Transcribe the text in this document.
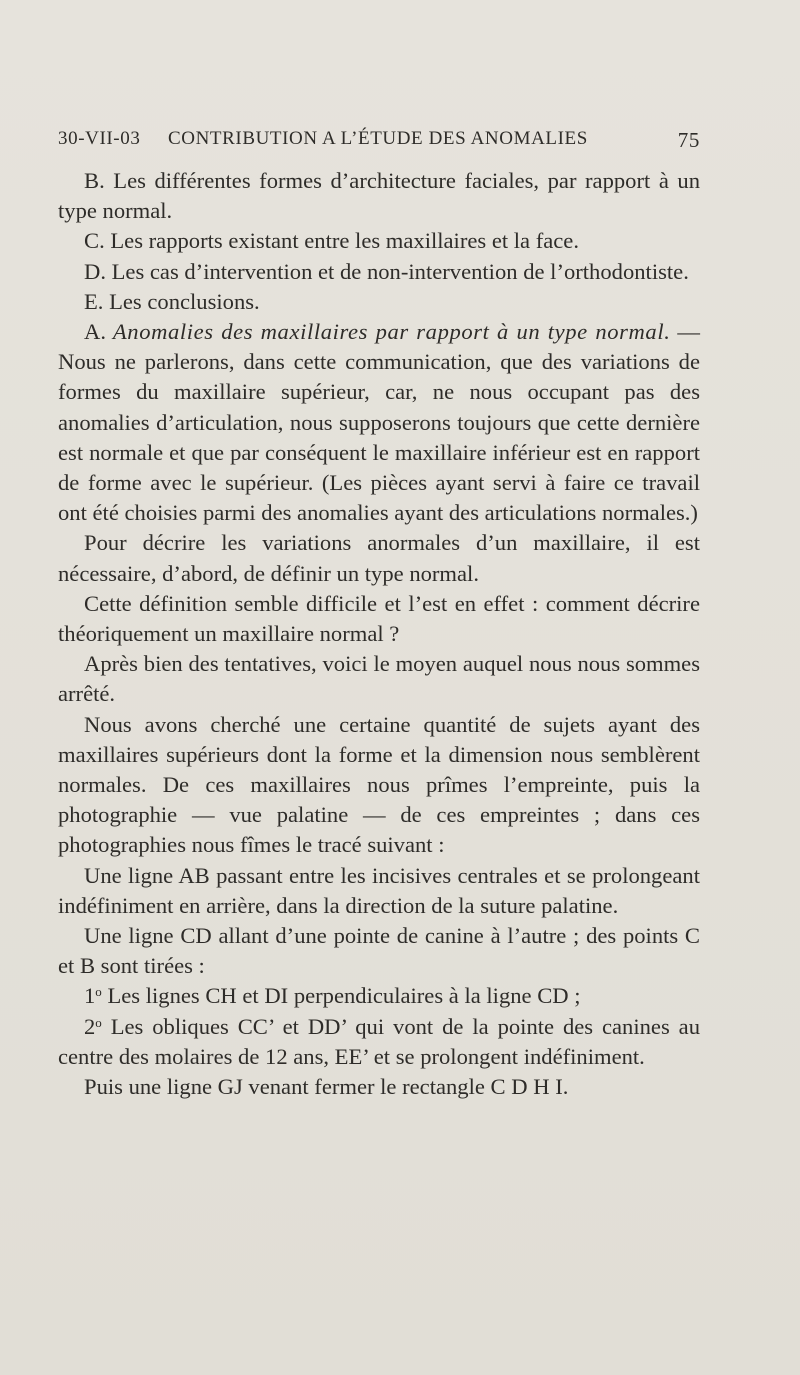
30-VII-03 CONTRIBUTION A L’ÉTUDE DES ANOMALIES	75

B. Les différentes formes d’architecture faciales, par rapport à un type normal.

C. Les rapports existant entre les maxillaires et la face.

D. Les cas d’intervention et de non-intervention de l’orthodontiste.

E. Les conclusions.

A. Anomalies des maxillaires par rapport à un type normal. — Nous ne parlerons, dans cette communication, que des variations de formes du maxillaire supérieur, car, ne nous occupant pas des anomalies d’articulation, nous supposerons toujours que cette dernière est normale et que par conséquent le maxillaire inférieur est en rapport de forme avec le supérieur. (Les pièces ayant servi à faire ce travail ont été choisies parmi des anomalies ayant des articulations normales.)

Pour décrire les variations anormales d’un maxillaire, il est nécessaire, d’abord, de définir un type normal.

Cette définition semble difficile et l’est en effet : comment décrire théoriquement un maxillaire normal ?

Après bien des tentatives, voici le moyen auquel nous nous sommes arrêté.

Nous avons cherché une certaine quantité de sujets ayant des maxillaires supérieurs dont la forme et la dimension nous semblèrent normales. De ces maxillaires nous prîmes l’empreinte, puis la photographie — vue palatine — de ces empreintes ; dans ces photographies nous fîmes le tracé suivant :

Une ligne AB passant entre les incisives centrales et se prolongeant indéfiniment en arrière, dans la direction de la suture palatine.

Une ligne CD allant d’une pointe de canine à l’autre ; des points C et B sont tirées :

1$^o$ Les lignes CH et DI perpendiculaires à la ligne CD ;

2$^o$ Les obliques CC’ et DD’ qui vont de la pointe des canines au centre des molaires de 12 ans, EE’ et se prolongent indéfiniment.

Puis une ligne GJ venant fermer le rectangle C D H I.
